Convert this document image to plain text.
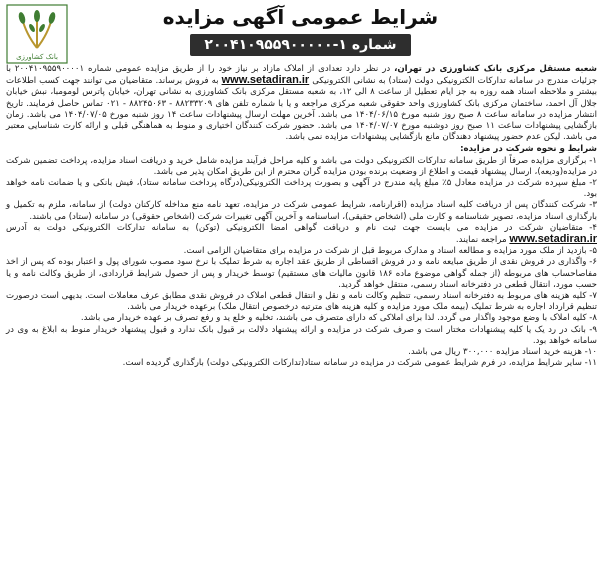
شرایط عمومی آگهی مزایده
شماره ۱-۲۰۰۴۱۰۹۵۵۹۰۰۰۰۰
بانک کشاورزی

شعبه مستقل مرکزی بانک کشاورزی در تهران، در نظر دارد تعدادی از املاک مازاد بر نیاز خود را از طریق مزایده عمومی شماره ۲۰۰۴۱۰۹۵۵۹۰۰۰۰۱ با جزئیات مندرج در سامانه تدارکات الکترونیکی دولت (ستاد) به نشانی الکترونیکی www.setadiran.ir به فروش برساند. متقاضیان می توانند جهت کسب اطلاعات بیشتر و ملاحظه اسناد همه روزه به جز ایام تعطیل از ساعت ۸ الی ۱۲، به شعبه مستقل مرکزی بانک کشاورزی به نشانی تهران، خیابان پاترس لومومبا، نبش خیابان جلال آل احمد، ساختمان مرکزی بانک کشاورزی واحد حقوقی شعبه مرکزی مراجعه و یا با شماره تلفن های ۸۸۲۳۳۲۰۹ - ۸۸۲۴۵۰۶۳ - ۰۲۱ تماس حاصل فرمایند. تاریخ انتشار مزایده در سامانه ساعت ۸ صبح روز شنبه مورخ ۱۴۰۴/۰۶/۱۵ می باشد. آخرین مهلت ارسال پیشنهادات ساعت ۱۴ روز شنبه مورخ ۱۴۰۴/۰۷/۰۵ می باشد. زمان بازگشایی پیشنهادات ساعت ۱۱ صبح روز دوشنبه مورخ ۱۴۰۴/۰۷/۰۷ می باشد. حضور شرکت کنندگان اختیاری و منوط به هماهنگی قبلی و ارائه کارت شناسایی معتبر می باشد. لیکن عدم حضور پیشنهاد دهندگان مانع بازگشایی پیشنهادات مزایده نمی باشد.

شرایط و نحوه شرکت در مزایده:

۱- برگزاری مزایده صرفاً از طریق سامانه تدارکات الکترونیکی دولت می باشد و کلیه مراحل فرآیند مزایده شامل خرید و دریافت اسناد مزایده، پرداخت تضمین شرکت در مزایده(ودیعه)، ارسال پیشنهاد قیمت و اطلاع از وضعیت برنده بودن مزایده گران محترم از این طریق امکان پذیر می باشد.

۲- مبلغ سپرده شرکت در مزایده معادل ۵٪ مبلغ پایه مندرج در آگهی و بصورت پرداخت الکترونیکی(درگاه پرداخت سامانه ستاد)، فیش بانکی و یا ضمانت نامه خواهد بود.

۳- شرکت کنندگان پس از دریافت کلیه اسناد مزایده (اقرارنامه، شرایط عمومی شرکت در مزایده، تعهد نامه منع مداخله کارکنان دولت) از سامانه، ملزم به تکمیل و بارگذاری اسناد مزایده، تصویر شناسنامه و کارت ملی (اشخاص حقیقی)، اساسنامه و آخرین آگهی تغییرات شرکت (اشخاص حقوقی) در سامانه (ستاد) می باشند.

۴- متقاضیان شرکت در مزایده می بایست جهت ثبت نام و دریافت گواهی امضا الکترونیکی (توکن) به سامانه تدارکات الکترونیکی دولت به آدرس www.setadiran.ir مراجعه نمایند.

۵- بازدید از ملک مورد مزایده و مطالعه اسناد و مدارک مربوط قبل از شرکت در مزایده برای متقاضیان الزامی است.

۶- واگذاری در فروش نقدی از طریق مبایعه نامه و در فروش اقساطی از طریق عقد اجاره به شرط تملیک با نرخ سود مصوب شورای پول و اعتبار بوده که پس از اخذ مفاصاحساب های مربوطه (از جمله گواهی موضوع ماده ۱۸۶ قانون مالیات های مستقیم) توسط خریدار و پس از حصول شرایط قراردادی، از طریق وکالت نامه و یا حسب مورد، انتقال قطعی در دفترخانه اسناد رسمی، منتقل خواهد گردید.

۷- کلیه هزینه های مربوط به دفترخانه اسناد رسمی، تنظیم وکالت نامه و نقل و انتقال قطعی املاک در فروش نقدی مطابق عرف معاملات است. بدیهی است درصورت تنظیم قرارداد اجاره به شرط تملیک (بیمه ملک مورد مزایده و کلیه هزینه های مترتبه درخصوص انتقال ملک) برعهده خریدار می باشد.

۸- کلیه املاک با وضع موجود واگذار می گردد. لذا برای املاکی که دارای متصرف می باشند، تخلیه و خلع ید و رفع تصرف بر عهده خریدار می باشد.

۹- بانک در رد یک یا کلیه پیشنهادات مختار است و صرف شرکت در مزایده و ارائه پیشنهاد دلالت بر قبول بانک ندارد و قبول پیشنهاد خریدار منوط به ابلاغ به وی در سامانه خواهد بود.

۱۰- هزینه خرید اسناد مزایده ۳۰۰,۰۰۰ ریال می باشد.

۱۱- سایر شرایط مزایده، در فرم شرایط عمومی شرکت در مزایده در سامانه ستاد(تدارکات الکترونیکی دولت) بارگذاری گردیده است.
